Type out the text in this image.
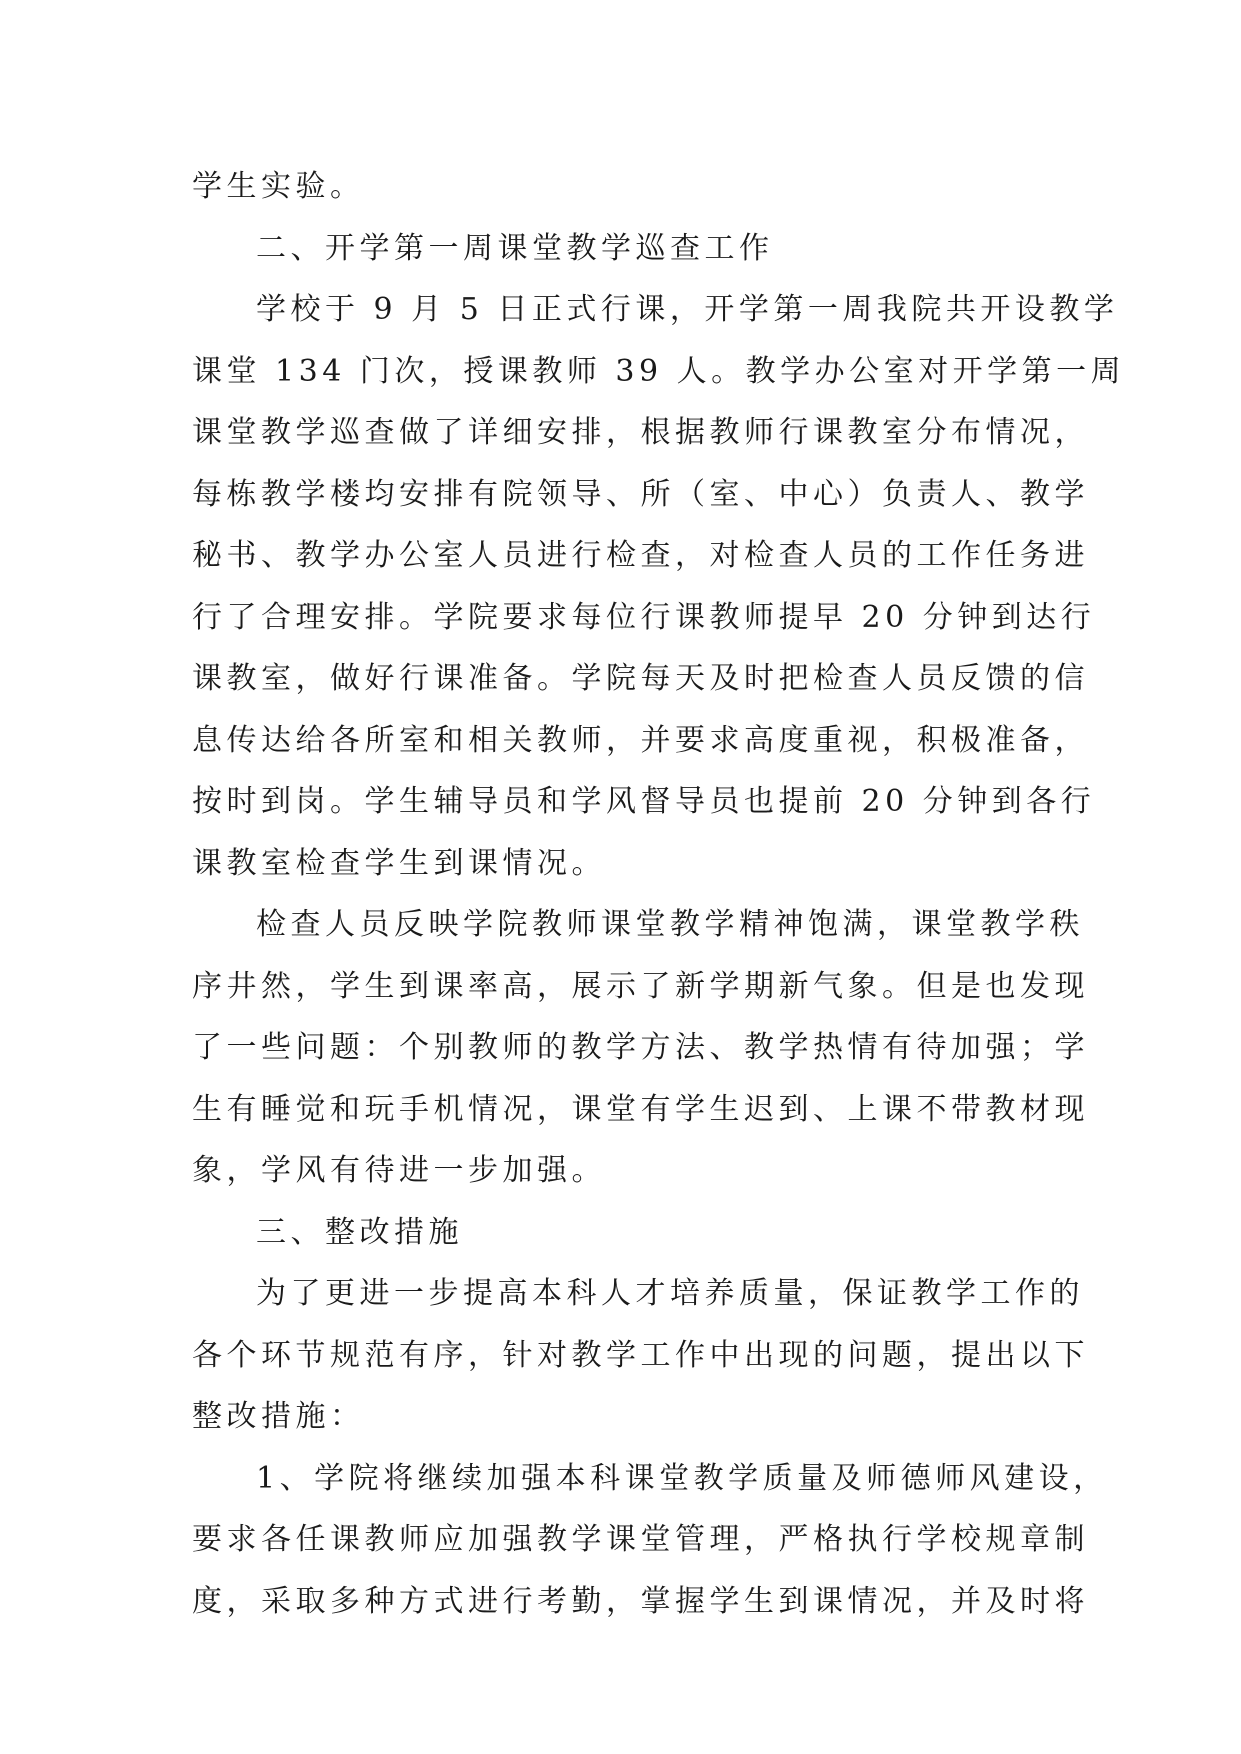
学生实验。
二、开学第一周课堂教学巡查工作
学校于 9 月 5 日正式行课，开学第一周我院共开设教学
课堂 134 门次，授课教师 39 人。教学办公室对开学第一周
课堂教学巡查做了详细安排，根据教师行课教室分布情况，
每栋教学楼均安排有院领导、所（室、中心）负责人、教学
秘书、教学办公室人员进行检查，对检查人员的工作任务进
行了合理安排。学院要求每位行课教师提早 20 分钟到达行
课教室，做好行课准备。学院每天及时把检查人员反馈的信
息传达给各所室和相关教师，并要求高度重视，积极准备，
按时到岗。学生辅导员和学风督导员也提前 20 分钟到各行
课教室检查学生到课情况。
检查人员反映学院教师课堂教学精神饱满，课堂教学秩
序井然，学生到课率高，展示了新学期新气象。但是也发现
了一些问题：个别教师的教学方法、教学热情有待加强；学
生有睡觉和玩手机情况，课堂有学生迟到、上课不带教材现
象，学风有待进一步加强。
三、整改措施
为了更进一步提高本科人才培养质量，保证教学工作的
各个环节规范有序，针对教学工作中出现的问题，提出以下
整改措施：
1、学院将继续加强本科课堂教学质量及师德师风建设，
要求各任课教师应加强教学课堂管理，严格执行学校规章制
度，采取多种方式进行考勤，掌握学生到课情况，并及时将
